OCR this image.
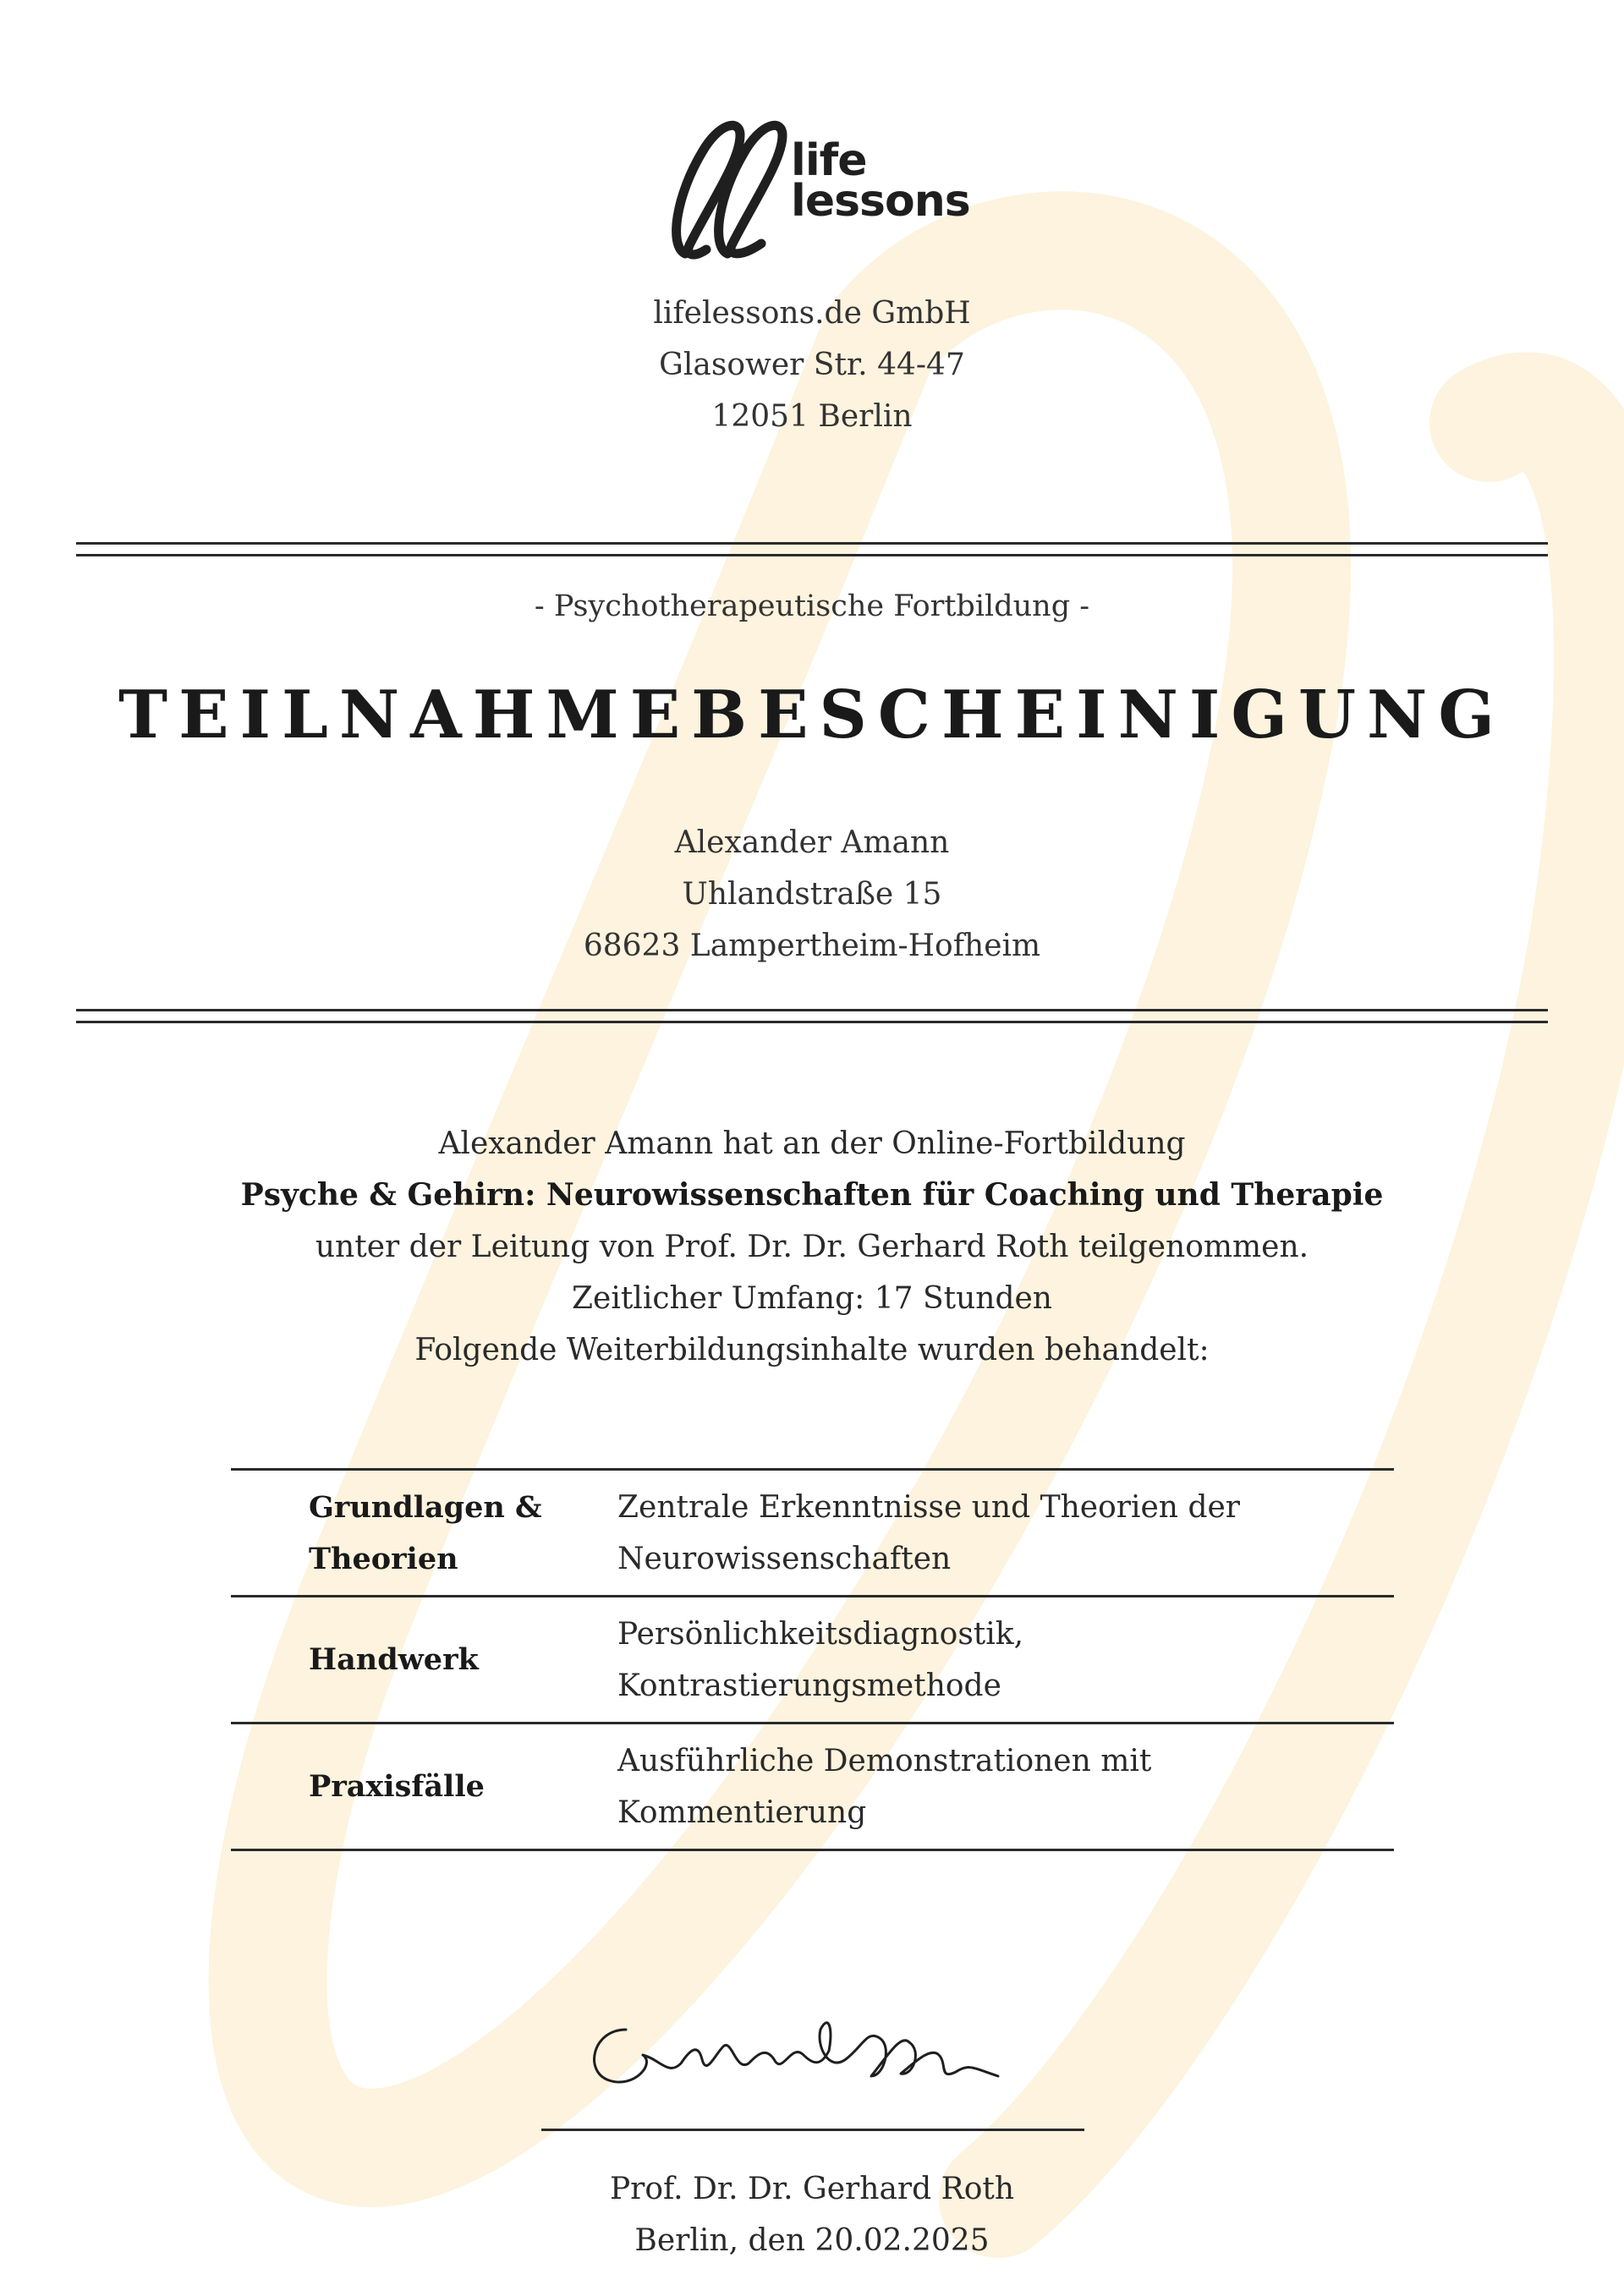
life
lessons
lifelessons.de GmbH
Glasower Str. 44-47
12051 Berlin
- Psychotherapeutische Fortbildung -
TEILNAHMEBESCHEINIGUNG
Alexander Amann
Uhlandstraße 15
68623 Lampertheim-Hofheim
Alexander Amann hat an der Online-Fortbildung
Psyche & Gehirn: Neurowissenschaften für Coaching und Therapie
unter der Leitung von Prof. Dr. Dr. Gerhard Roth teilgenommen.
Zeitlicher Umfang: 17 Stunden
Folgende Weiterbildungsinhalte wurden behandelt:
Grundlagen &
Theorien
Zentrale Erkenntnisse und Theorien der
Neurowissenschaften
Handwerk
Persönlichkeitsdiagnostik,
Kontrastierungsmethode
Praxisfälle
Ausführliche Demonstrationen mit
Kommentierung
Prof. Dr. Dr. Gerhard Roth
Berlin, den 20.02.2025
